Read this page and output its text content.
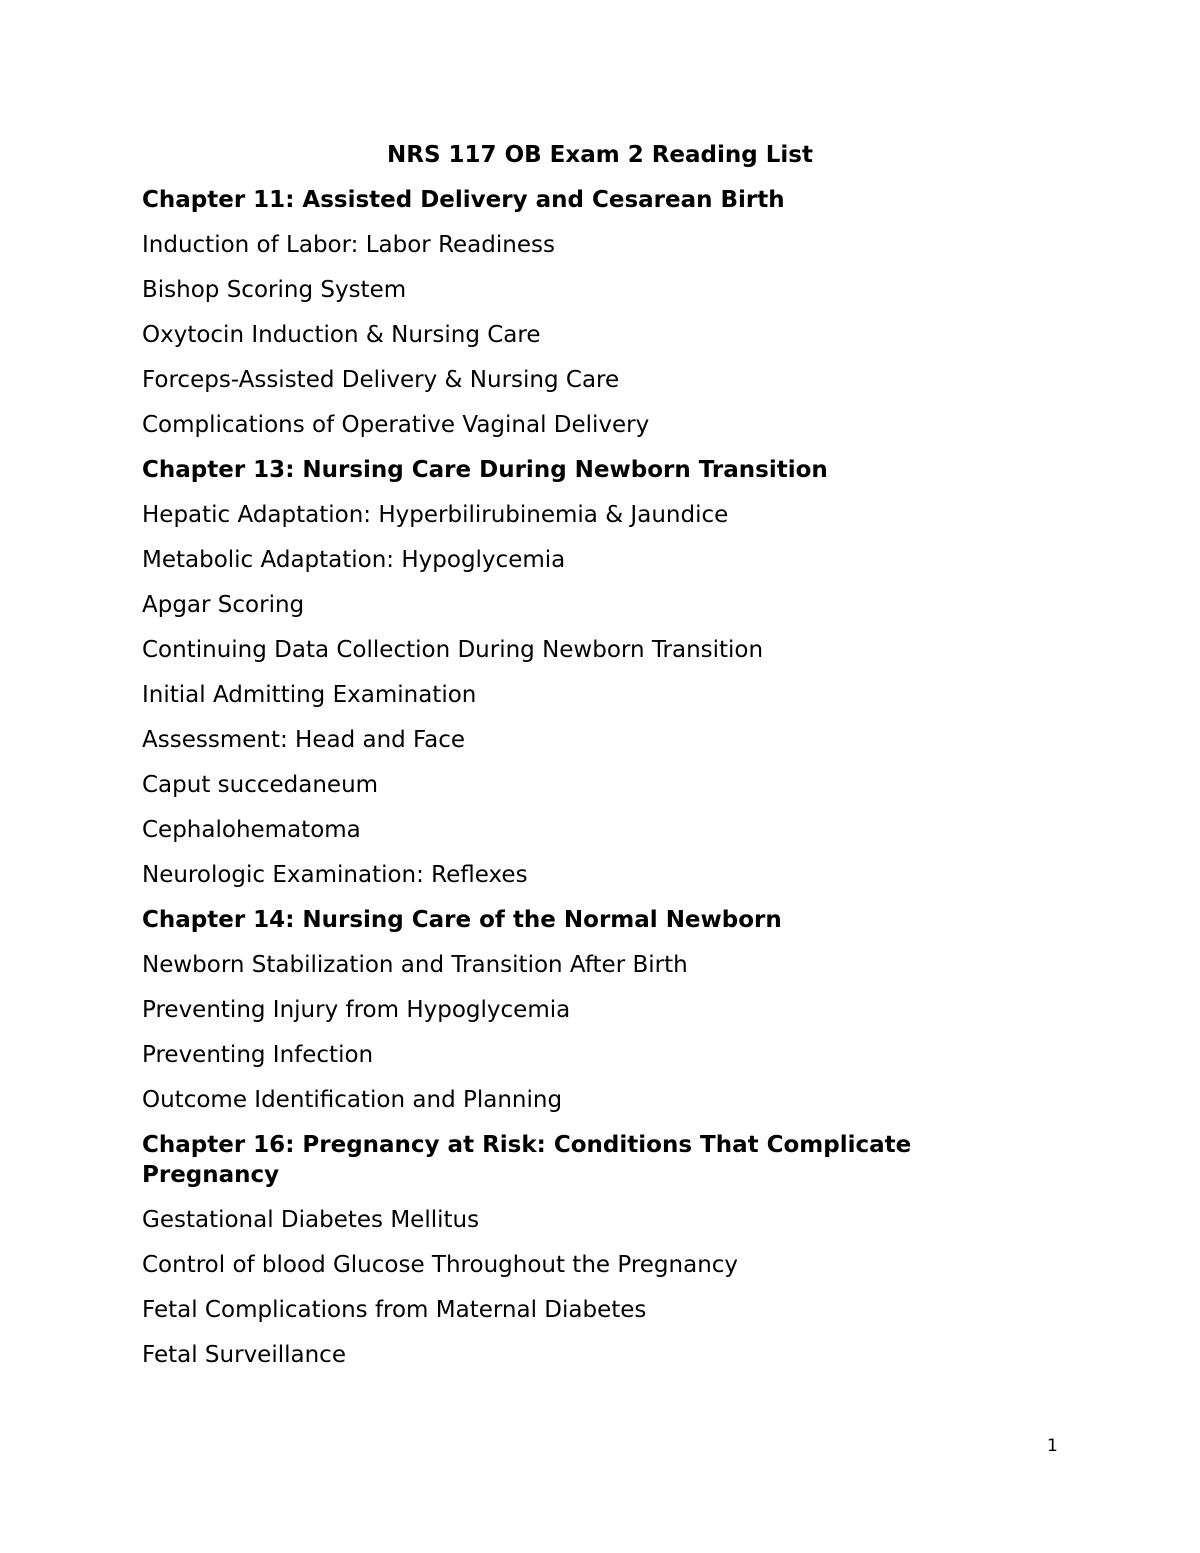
NRS 117 OB Exam 2 Reading List
Chapter 11: Assisted Delivery and Cesarean Birth
Induction of Labor: Labor Readiness
Bishop Scoring System
Oxytocin Induction & Nursing Care
Forceps-Assisted Delivery & Nursing Care
Complications of Operative Vaginal Delivery
Chapter 13: Nursing Care During Newborn Transition
Hepatic Adaptation: Hyperbilirubinemia & Jaundice
Metabolic Adaptation: Hypoglycemia
Apgar Scoring
Continuing Data Collection During Newborn Transition
Initial Admitting Examination
Assessment: Head and Face
Caput succedaneum
Cephalohematoma
Neurologic Examination: Reflexes
Chapter 14: Nursing Care of the Normal Newborn
Newborn Stabilization and Transition After Birth
Preventing Injury from Hypoglycemia
Preventing Infection
Outcome Identification and Planning
Chapter 16: Pregnancy at Risk: Conditions That Complicate Pregnancy
Gestational Diabetes Mellitus
Control of blood Glucose Throughout the Pregnancy
Fetal Complications from Maternal Diabetes
Fetal Surveillance
1
